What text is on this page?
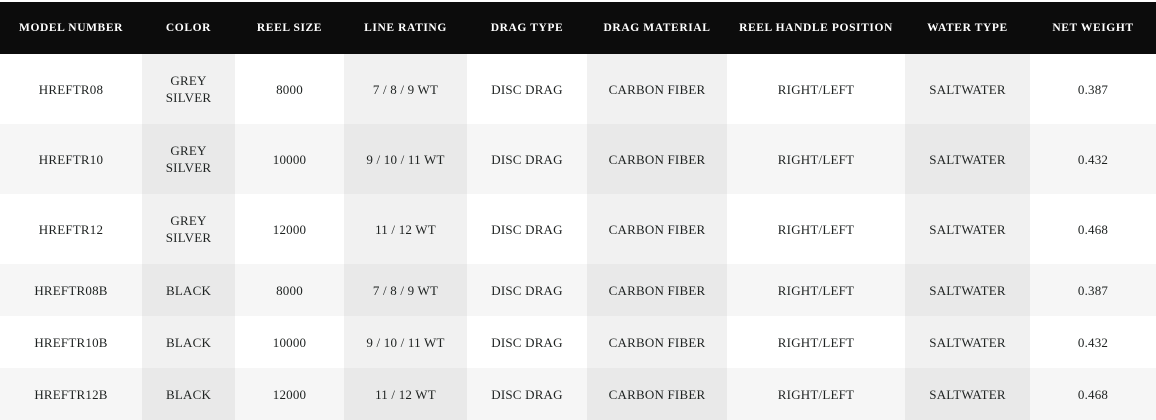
MODEL NUMBER	COLOR	REEL SIZE	LINE RATING	DRAG TYPE	DRAG MATERIAL	REEL HANDLE POSITION	WATER TYPE	NET WEIGHT
HREFTR08	GREY SILVER	8000	7 / 8 / 9 WT	DISC DRAG	CARBON FIBER	RIGHT/LEFT	SALTWATER	0.387
HREFTR10	GREY SILVER	10000	9 / 10 / 11 WT	DISC DRAG	CARBON FIBER	RIGHT/LEFT	SALTWATER	0.432
HREFTR12	GREY SILVER	12000	11 / 12 WT	DISC DRAG	CARBON FIBER	RIGHT/LEFT	SALTWATER	0.468
HREFTR08B	BLACK	8000	7 / 8 / 9 WT	DISC DRAG	CARBON FIBER	RIGHT/LEFT	SALTWATER	0.387
HREFTR10B	BLACK	10000	9 / 10 / 11 WT	DISC DRAG	CARBON FIBER	RIGHT/LEFT	SALTWATER	0.432
HREFTR12B	BLACK	12000	11 / 12 WT	DISC DRAG	CARBON FIBER	RIGHT/LEFT	SALTWATER	0.468
